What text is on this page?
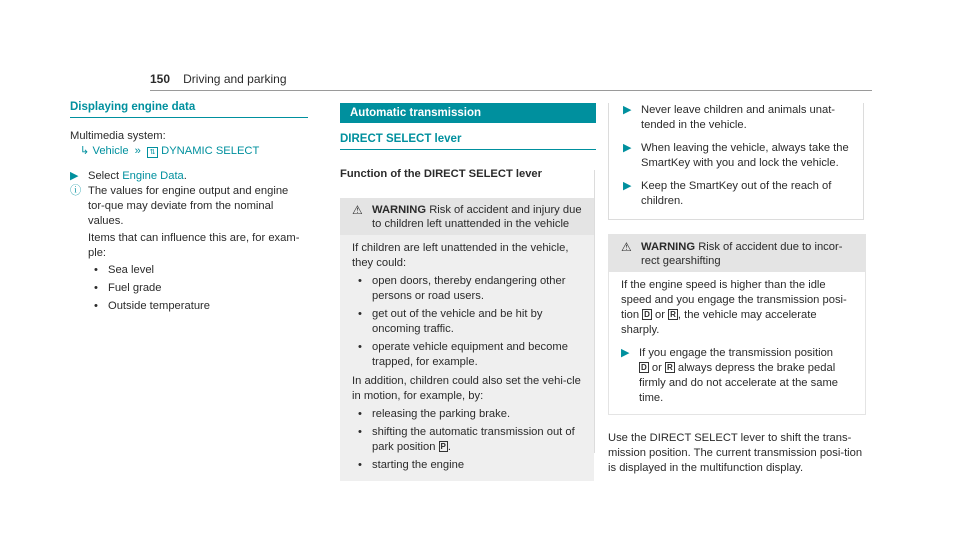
150 Driving and parking
Displaying engine data
Multimedia system:
↳ Vehicle » ⇅ DYNAMIC SELECT
▶ Select Engine Data.
ⓘ The values for engine output and engine tor-que may deviate from the nominal values.
Items that can influence this are, for exam-ple:
• Sea level
• Fuel grade
• Outside temperature
Automatic transmission
DIRECT SELECT lever
Function of the DIRECT SELECT lever
⚠ WARNING Risk of accident and injury due to children left unattended in the vehicle
If children are left unattended in the vehicle, they could:
• open doors, thereby endangering other persons or road users.
• get out of the vehicle and be hit by oncoming traffic.
• operate vehicle equipment and become trapped, for example.
In addition, children could also set the vehi-cle in motion, for example, by:
• releasing the parking brake.
• shifting the automatic transmission out of park position P .
• starting the engine
▶ Never leave children and animals unat-tended in the vehicle.
▶ When leaving the vehicle, always take the SmartKey with you and lock the vehicle.
▶ Keep the SmartKey out of the reach of children.
⚠ WARNING Risk of accident due to incor-rect gearshifting
If the engine speed is higher than the idle speed and you engage the transmission posi-tion D or R , the vehicle may accelerate sharply.
▶ If you engage the transmission position
D or R always depress the brake pedal firmly and do not accelerate at the same time.
Use the DIRECT SELECT lever to shift the trans-mission position. The current transmission posi-tion is displayed in the multifunction display.
